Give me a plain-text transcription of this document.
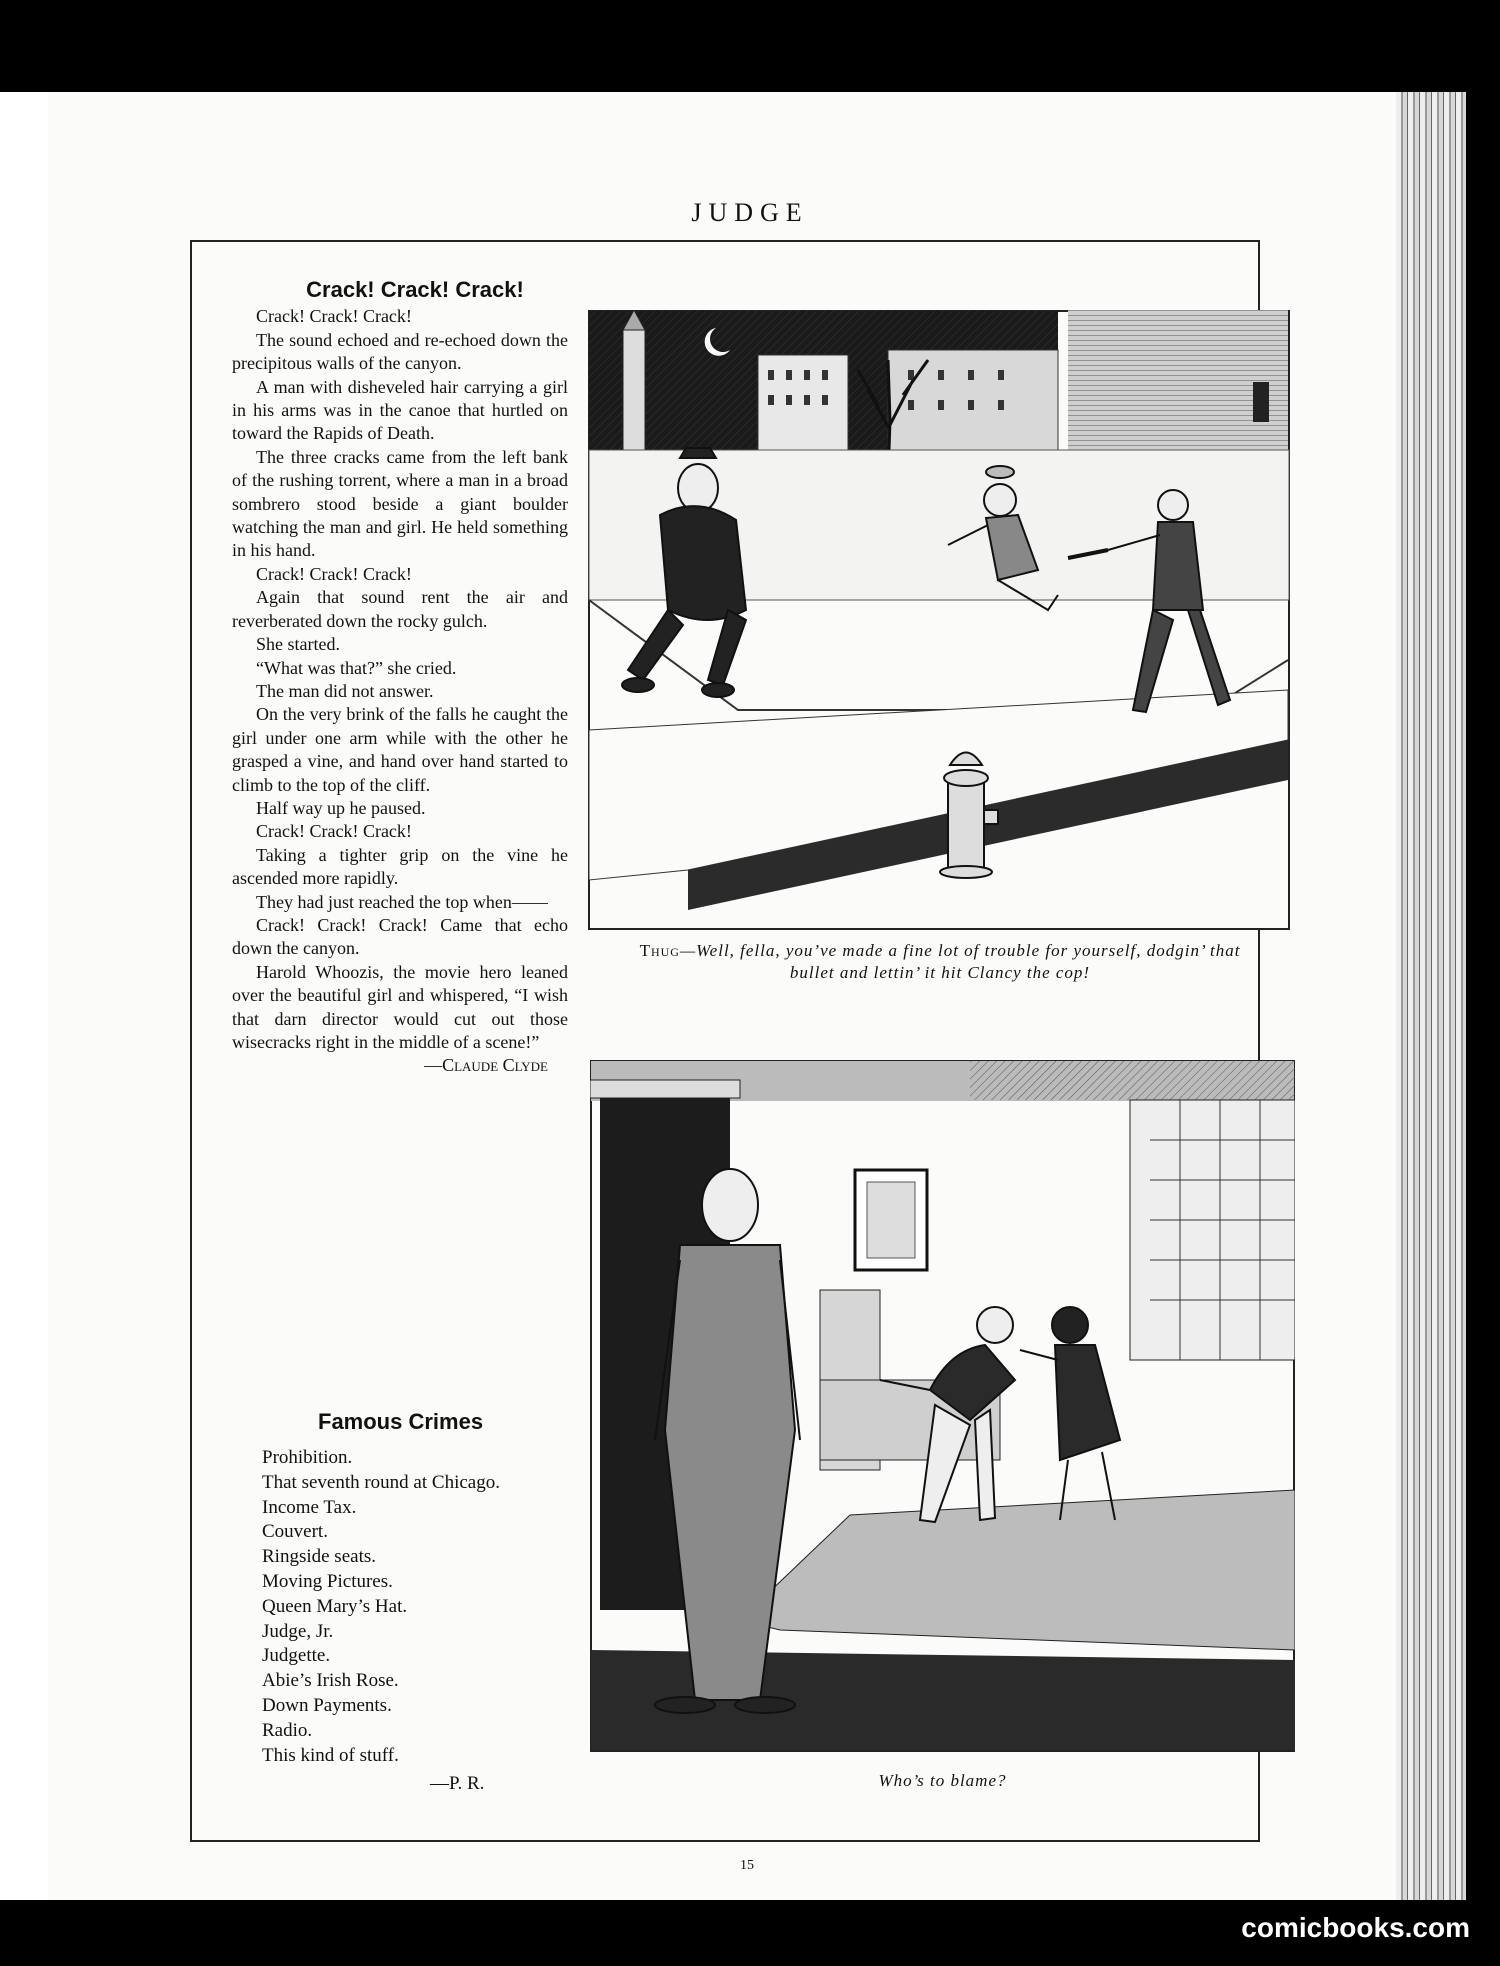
JUDGE
Crack! Crack! Crack!

Crack! Crack! Crack!

The sound echoed and re-echoed down the precipitous walls of the canyon.

A man with disheveled hair carrying a girl in his arms was in the canoe that hurtled on toward the Rapids of Death.

The three cracks came from the left bank of the rushing torrent, where a man in a broad sombrero stood beside a giant boulder watching the man and girl. He held something in his hand.

Crack! Crack! Crack!

Again that sound rent the air and reverberated down the rocky gulch.

She started.

“What was that?” she cried.

The man did not answer.

On the very brink of the falls he caught the girl under one arm while with the other he grasped a vine, and hand over hand started to climb to the top of the cliff.

Half way up he paused.

Crack! Crack! Crack!

Taking a tighter grip on the vine he ascended more rapidly.

They had just reached the top when——

Crack! Crack! Crack! Came that echo down the canyon.

Harold Whoozis, the movie hero leaned over the beautiful girl and whispered, “I wish that darn director would cut out those wisecracks right in the middle of a scene!”

—Claude Clyde
Famous Crimes
Prohibition.
That seventh round at Chicago.
Income Tax.
Couvert.
Ringside seats.
Moving Pictures.
Queen Mary’s Hat.
Judge, Jr.
Judgette.
Abie’s Irish Rose.
Down Payments.
Radio.
This kind of stuff.
—P. R.
Thug—Well, fella, you’ve made a fine lot of trouble for yourself, dodgin’ that bullet and lettin’ it hit Clancy the cop!
Who’s to blame?
15
comicbooks.com
